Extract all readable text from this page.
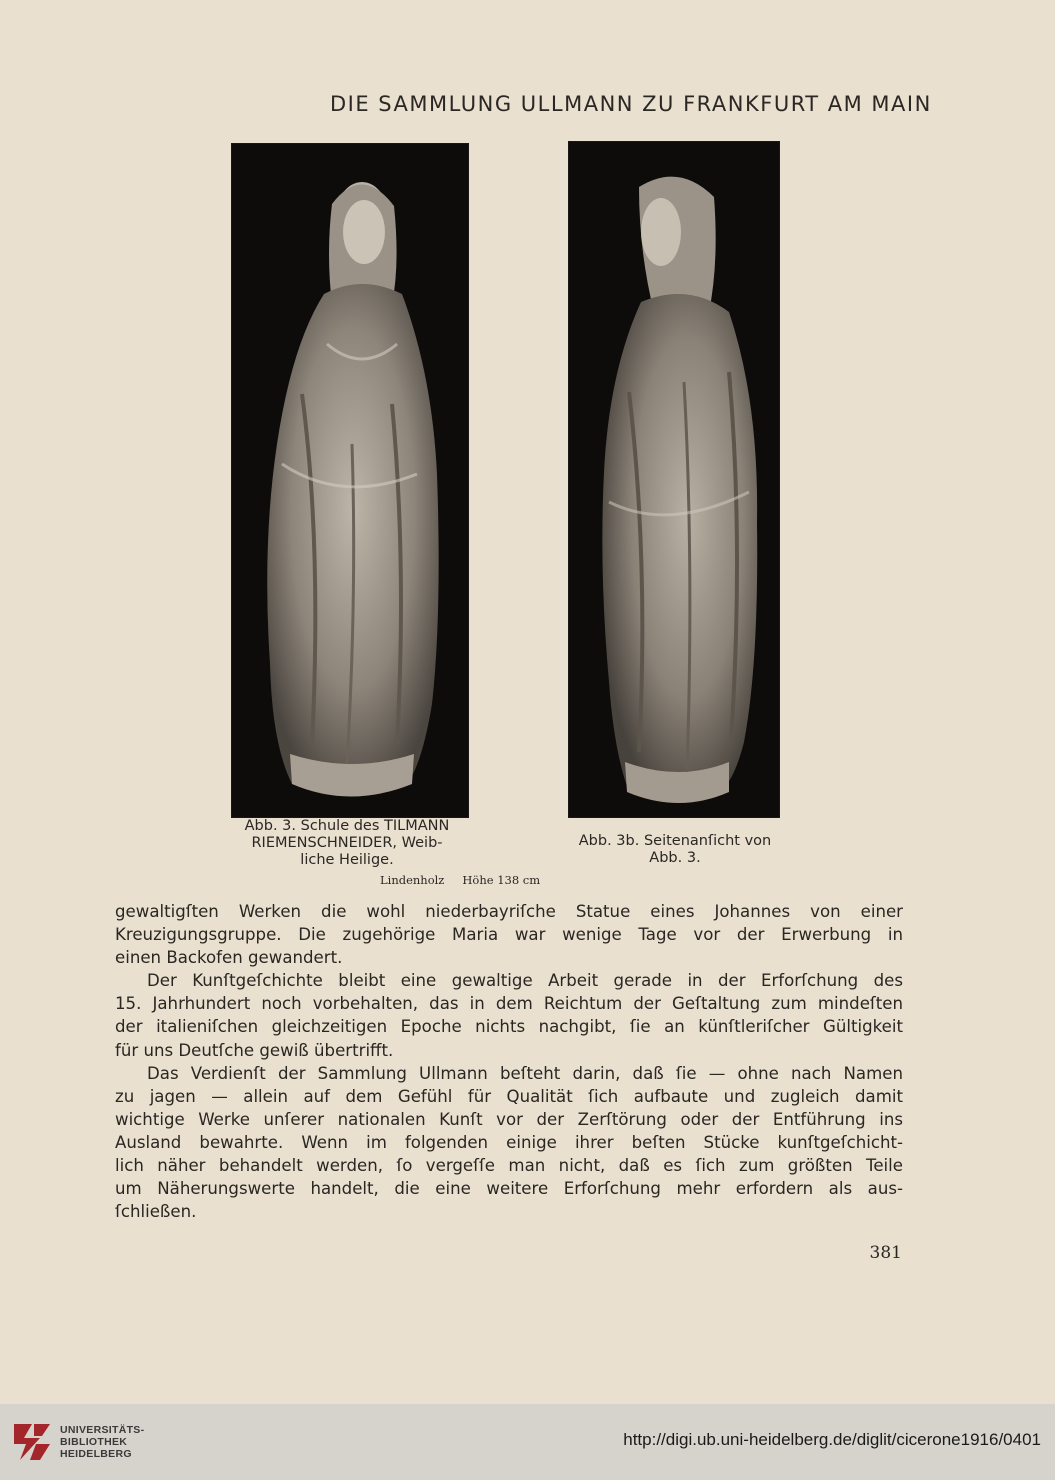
DIE SAMMLUNG ULLMANN ZU FRANKFURT AM MAIN
Abb. 3. Schule des TILMANN
RIEMENSCHNEIDER, Weib-
liche Heilige.
Abb. 3b. Seitenanſicht von
Abb. 3.
Lindenholz Höhe 138 cm

gewaltigſten Werken die wohl niederbayriſche Statue eines Johannes von einer

Kreuzigungsgruppe. Die zugehörige Maria war wenige Tage vor der Erwerbung in

einen Backofen gewandert.

Der Kunſtgeſchichte bleibt eine gewaltige Arbeit gerade in der Erforſchung des

15. Jahrhundert noch vorbehalten, das in dem Reichtum der Geſtaltung zum mindeſten

der italieniſchen gleichzeitigen Epoche nichts nachgibt, ſie an künſtleriſcher Gültigkeit

für uns Deutſche gewiß übertrifft.

Das Verdienſt der Sammlung Ullmann beſteht darin, daß ſie — ohne nach Namen

zu jagen — allein auf dem Gefühl für Qualität ſich aufbaute und zugleich damit

wichtige Werke unſerer nationalen Kunſt vor der Zerſtörung oder der Entführung ins

Ausland bewahrte. Wenn im folgenden einige ihrer beſten Stücke kunſtgeſchicht-

lich näher behandelt werden, ſo vergeſſe man nicht, daß es ſich zum größten Teile

um Näherungswerte handelt, die eine weitere Erforſchung mehr erfordern als aus-

ſchließen.

381
UNIVERSITÄTS-
BIBLIOTHEK
HEIDELBERG
http://digi.ub.uni-heidelberg.de/diglit/cicerone1916/0401
